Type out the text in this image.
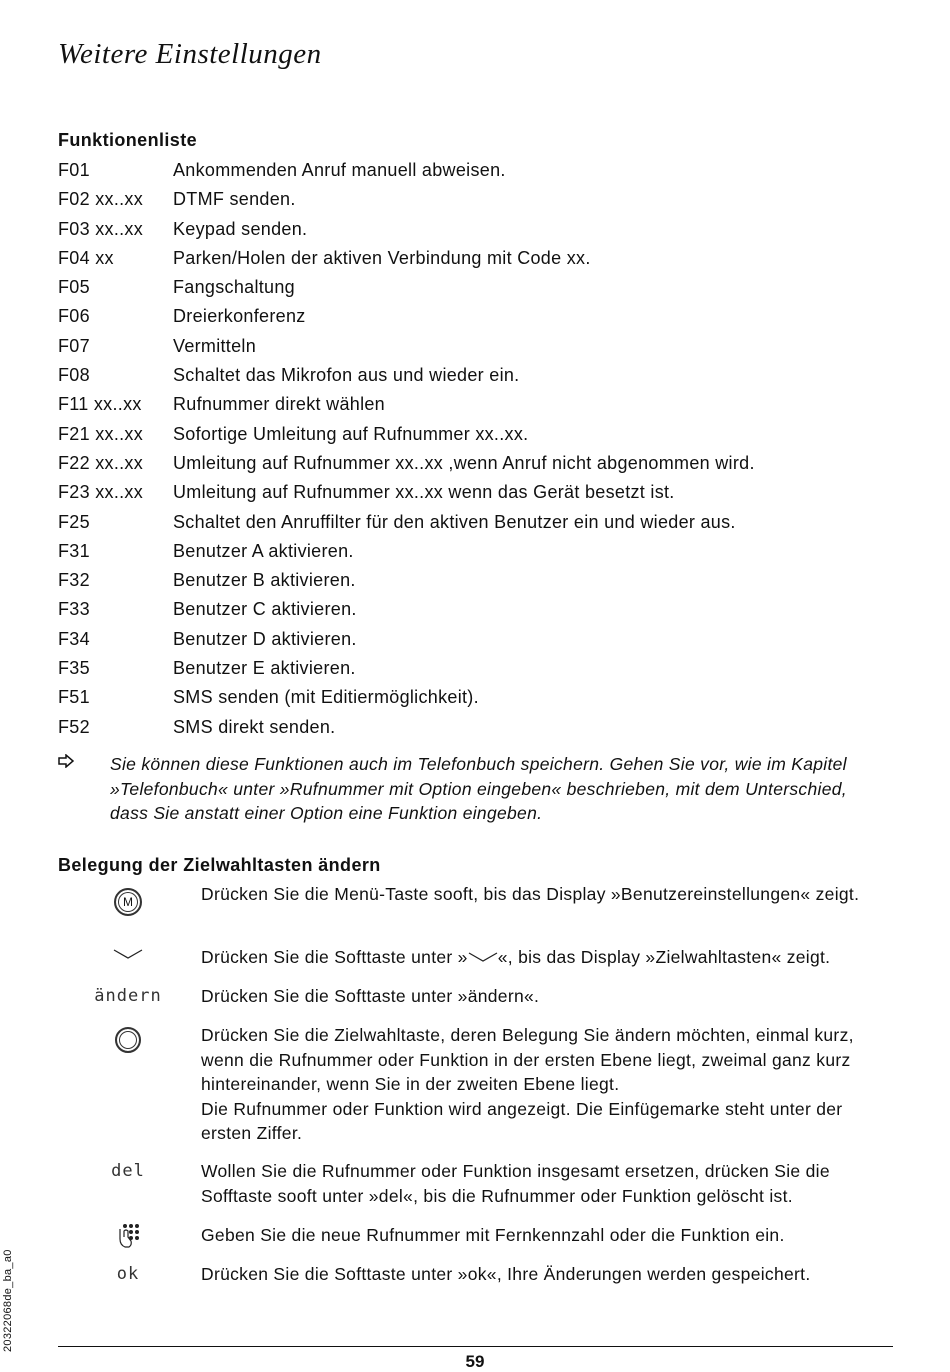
Weitere Einstellungen
Funktionenliste
F01	Ankommenden Anruf manuell abweisen.
F02 xx..xx DTMF senden.
F03 xx..xx Keypad senden.
F04 xx	Parken/Holen der aktiven Verbindung mit Code xx.
F05	Fangschaltung
F06	Dreierkonferenz
F07	Vermitteln
F08	Schaltet das Mikrofon aus und wieder ein.
F11 xx..xx Rufnummer direkt wählen
F21 xx..xx Sofortige Umleitung auf Rufnummer xx..xx.
F22 xx..xx Umleitung auf Rufnummer xx..xx ,wenn Anruf nicht abgenommen wird.
F23 xx..xx Umleitung auf Rufnummer xx..xx wenn das Gerät besetzt ist.
F25	Schaltet den Anruffilter für den aktiven Benutzer ein und wieder aus.
F31	Benutzer A aktivieren.
F32	Benutzer B aktivieren.
F33	Benutzer C aktivieren.
F34	Benutzer D aktivieren.
F35	Benutzer E aktivieren.
F51	SMS senden (mit Editiermöglichkeit).
F52	SMS direkt senden.

Sie können diese Funktionen auch im Telefonbuch speichern. Gehen Sie vor, wie im Kapitel »Telefonbuch« unter »Rufnummer mit Option eingeben« beschrieben, mit dem Unterschied, dass Sie anstatt einer Option eine Funktion eingeben.

Belegung der Zielwahltasten ändern
M	Drücken Sie die Menü-Taste sooft, bis das Display »Benutzereinstellungen« zeigt.

Drücken Sie die Softtaste unter » «, bis das Display »Zielwahltasten« zeigt.

ändern	Drücken Sie die Softtaste unter »ändern«.

Drücken Sie die Zielwahltaste, deren Belegung Sie ändern möchten, einmal kurz, wenn die Rufnummer oder Funktion in der ersten Ebene liegt, zweimal ganz kurz hintereinander, wenn Sie in der zweiten Ebene liegt.
Die Rufnummer oder Funktion wird angezeigt. Die Einfügemarke steht unter der ersten Ziffer.

del	Wollen Sie die Rufnummer oder Funktion insgesamt ersetzen, drücken Sie die Sofftaste sooft unter »del«, bis die Rufnummer oder Funktion gelöscht ist.

Geben Sie die neue Rufnummer mit Fernkennzahl oder die Funktion ein.

ok	Drücken Sie die Softtaste unter »ok«, Ihre Änderungen werden gespeichert.

59
20322068de_ba_a0
